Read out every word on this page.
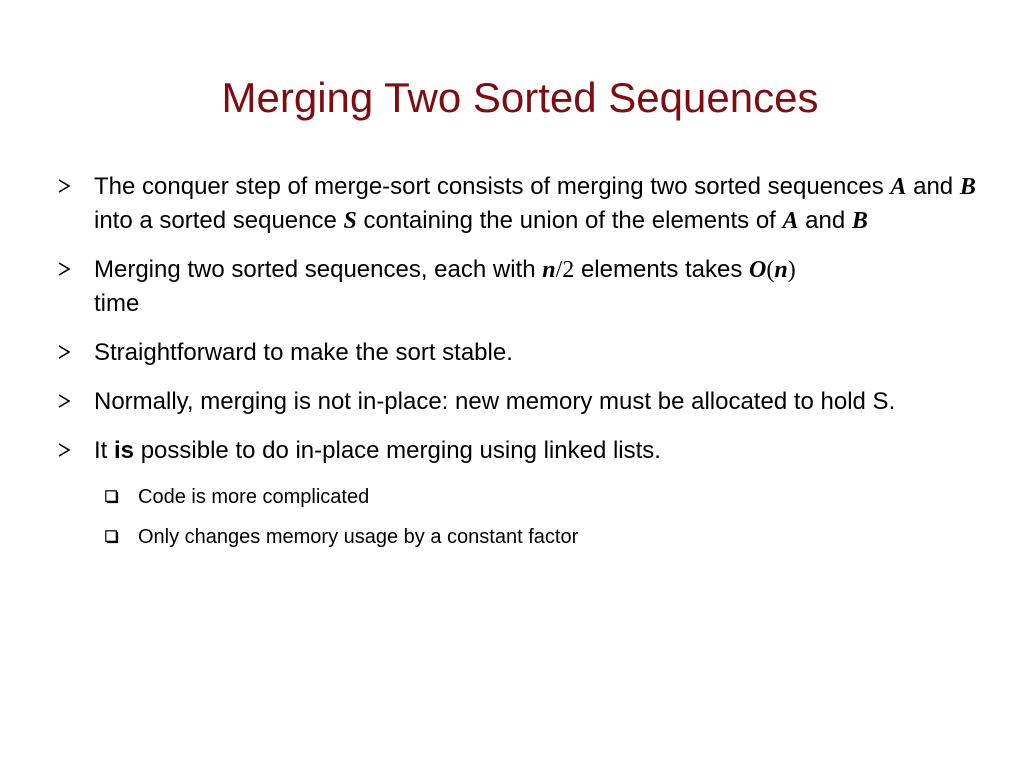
Merging Two Sorted Sequences
The conquer step of merge-sort consists of merging two sorted sequences A and B into a sorted sequence S containing the union of the elements of A and B
Merging two sorted sequences, each with n/2 elements takes O(n)
time
Straightforward to make the sort stable.
Normally, merging is not in-place: new memory must be allocated to hold S.
It is possible to do in-place merging using linked lists.
Code is more complicated
Only changes memory usage by a constant factor
